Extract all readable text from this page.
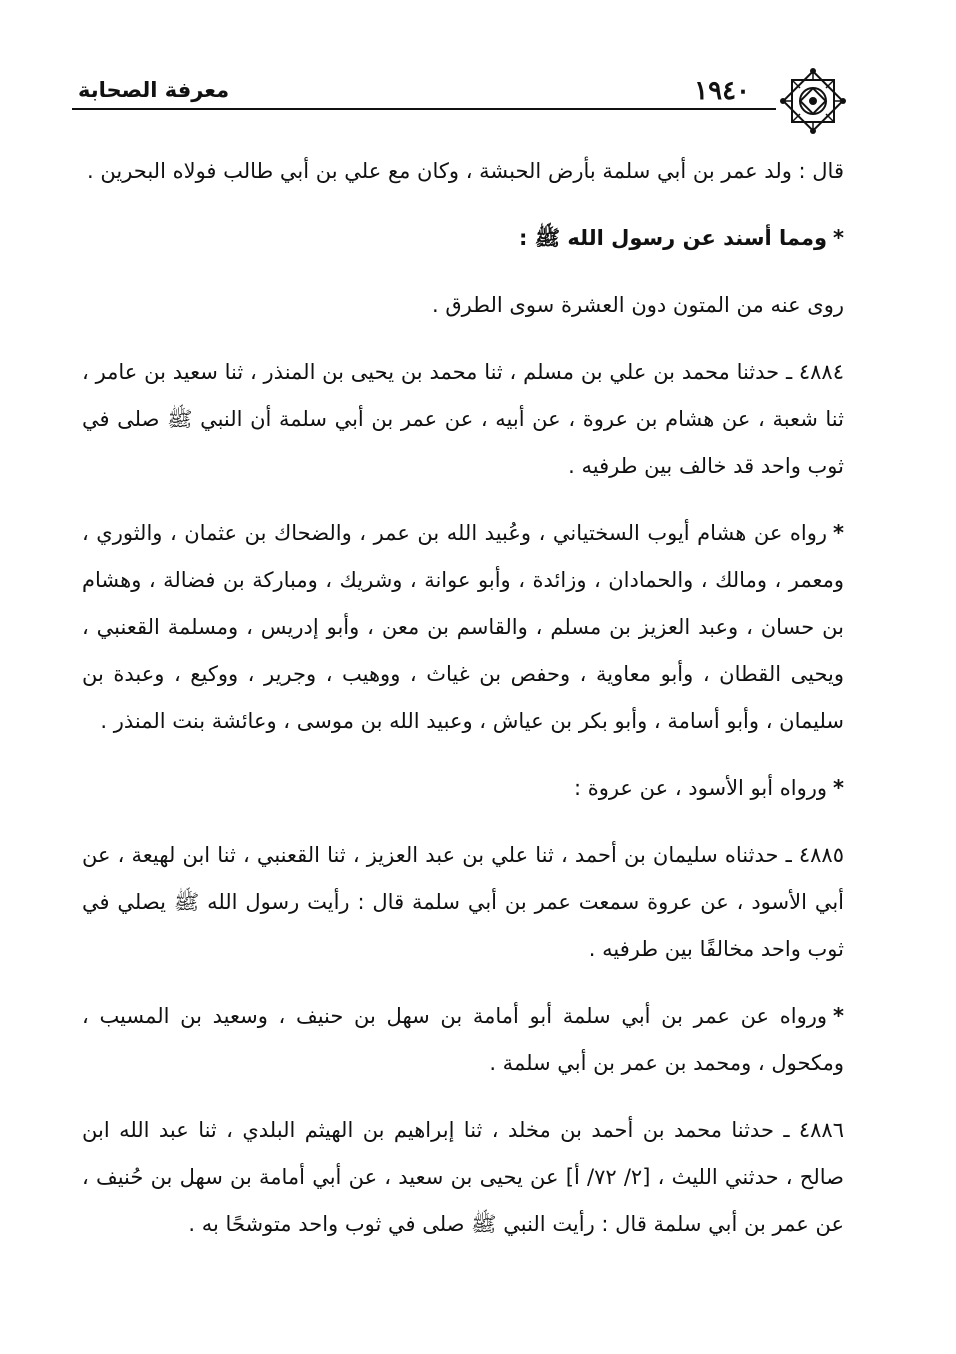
١٩٤٠
معرفة الصحابة

قال : ولد عمر بن أبي سلمة بأرض الحبشة ، وكان مع علي بن أبي طالب فولاه البحرين .

*ومما أسند عن رسول الله ﷺ :

روى عنه من المتون دون العشرة سوى الطرق .

٤٨٨٤ ـ حدثنا محمد بن علي بن مسلم ، ثنا محمد بن يحيى بن المنذر ، ثنا سعيد بن عامر ، ثنا شعبة ، عن هشام بن عروة ، عن أبيه ، عن عمر بن أبي سلمة أن النبي ﷺ صلى في ثوب واحد قد خالف بين طرفيه .

*رواه عن هشام أيوب السختياني ، وعُبيد الله بن عمر ، والضحاك بن عثمان ، والثوري ، ومعمر ، ومالك ، والحمادان ، وزائدة ، وأبو عوانة ، وشريك ، ومباركة بن فضالة ، وهشام بن حسان ، وعبد العزيز بن مسلم ، والقاسم بن معن ، وأبو إدريس ، ومسلمة القعنبي ، ويحيى القطان ، وأبو معاوية ، وحفص بن غياث ، ووهيب ، وجرير ، ووكيع ، وعبدة بن سليمان ، وأبو أسامة ، وأبو بكر بن عياش ، وعبيد الله بن موسى ، وعائشة بنت المنذر .

*ورواه أبو الأسود ، عن عروة :

٤٨٨٥ ـ حدثناه سليمان بن أحمد ، ثنا علي بن عبد العزيز ، ثنا القعنبي ، ثنا ابن لهيعة ، عن أبي الأسود ، عن عروة سمعت عمر بن أبي سلمة قال : رأيت رسول الله ﷺ يصلي في ثوب واحد مخالفًا بين طرفيه .

*ورواه عن عمر بن أبي سلمة أبو أمامة بن سهل بن حنيف ، وسعيد بن المسيب ، ومكحول ، ومحمد بن عمر بن أبي سلمة .

٤٨٨٦ ـ حدثنا محمد بن أحمد بن مخلد ، ثنا إبراهيم بن الهيثم البلدي ، ثنا عبد الله ابن صالح ، حدثني الليث ، [٢/ ٧٢/ أ] عن يحيى بن سعيد ، عن أبي أمامة بن سهل بن حُنيف ، عن عمر بن أبي سلمة قال : رأيت النبي ﷺ صلى في ثوب واحد متوشحًا به .
